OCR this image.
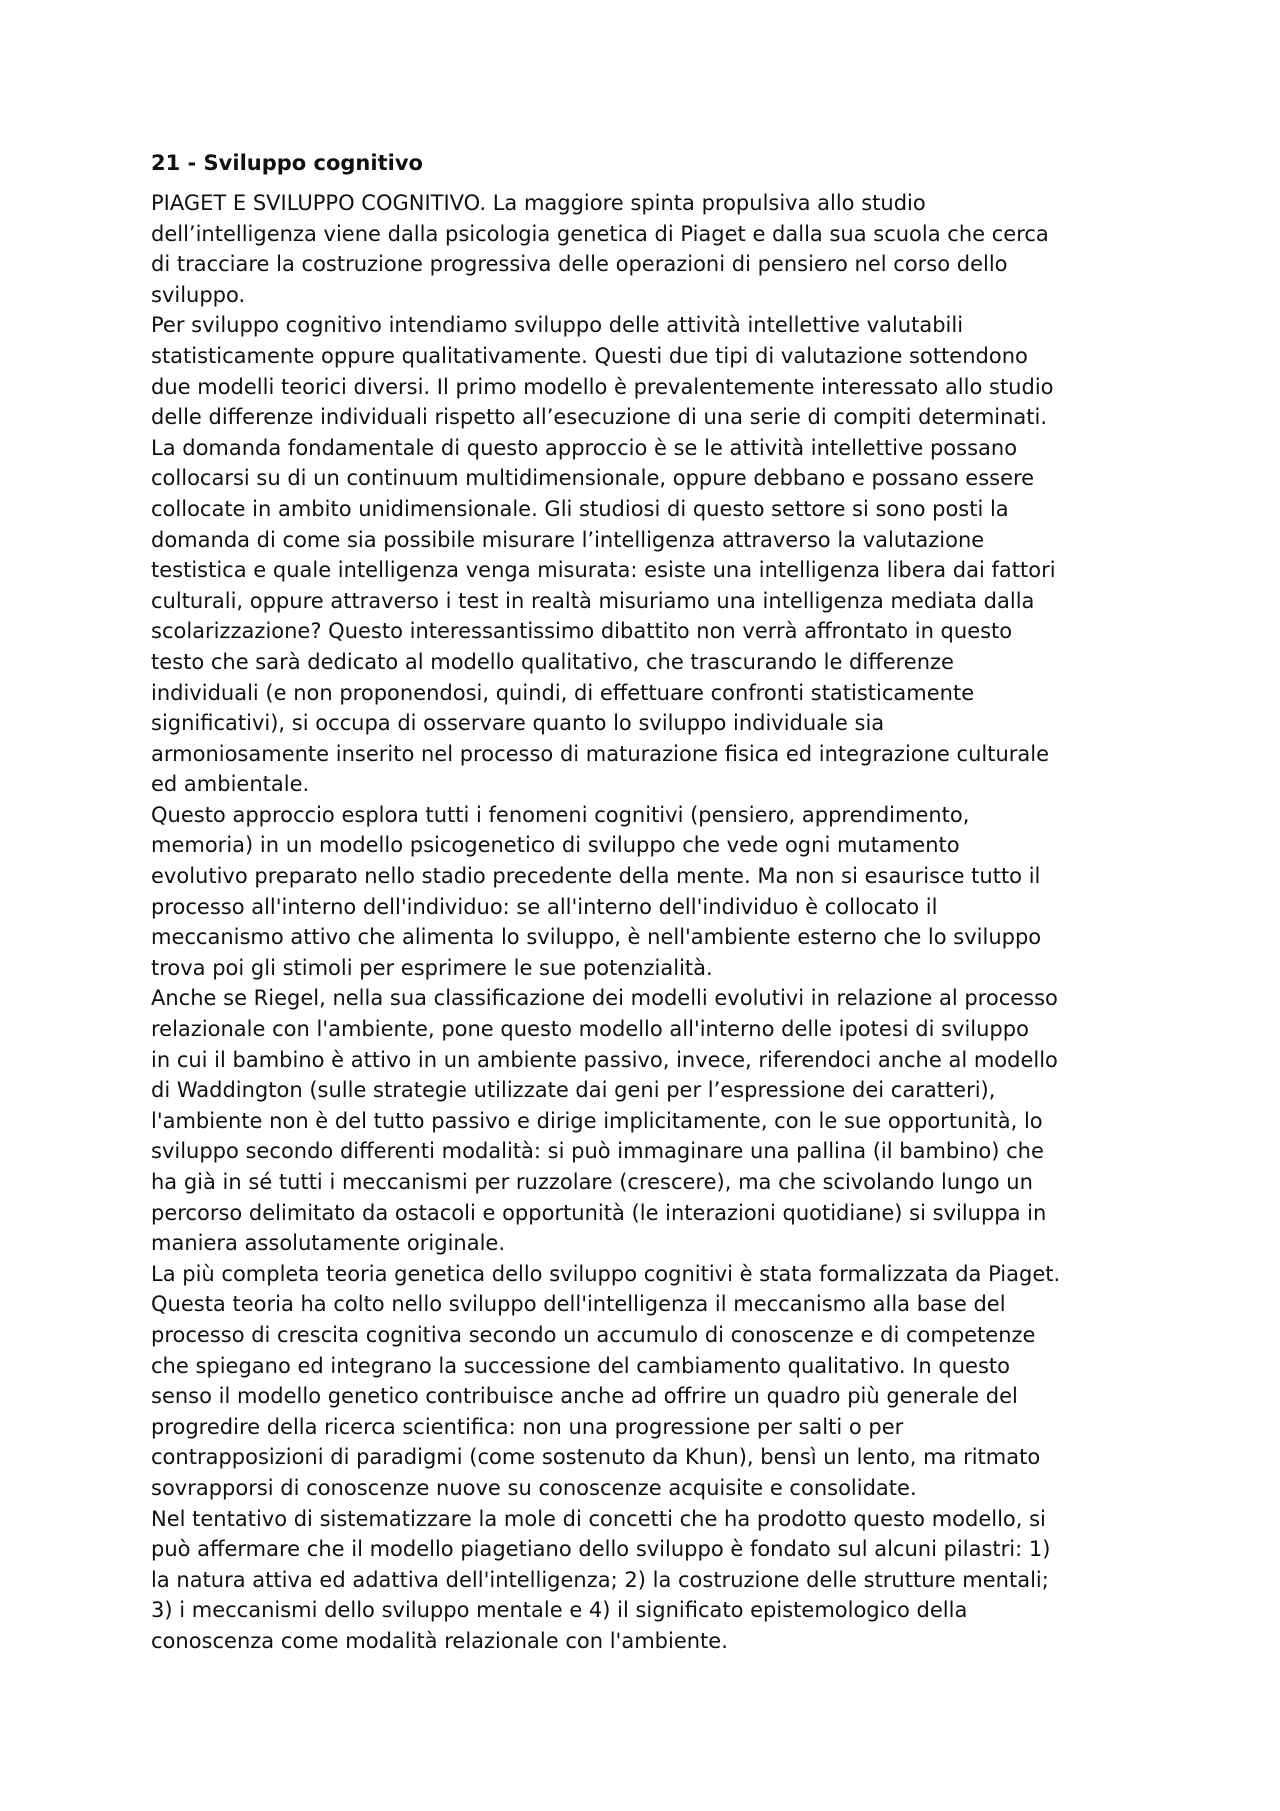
21 - Sviluppo cognitivo

PIAGET E SVILUPPO COGNITIVO. La maggiore spinta propulsiva allo studio
dell’intelligenza viene dalla psicologia genetica di Piaget e dalla sua scuola che cerca
di tracciare la costruzione progressiva delle operazioni di pensiero nel corso dello
sviluppo.

Per sviluppo cognitivo intendiamo sviluppo delle attività intellettive valutabili
statisticamente oppure qualitativamente. Questi due tipi di valutazione sottendono
due modelli teorici diversi. Il primo modello è prevalentemente interessato allo studio
delle differenze individuali rispetto all’esecuzione di una serie di compiti determinati.
La domanda fondamentale di questo approccio è se le attività intellettive possano
collocarsi su di un continuum multidimensionale, oppure debbano e possano essere
collocate in ambito unidimensionale. Gli studiosi di questo settore si sono posti la
domanda di come sia possibile misurare l’intelligenza attraverso la valutazione
testistica e quale intelligenza venga misurata: esiste una intelligenza libera dai fattori
culturali, oppure attraverso i test in realtà misuriamo una intelligenza mediata dalla
scolarizzazione? Questo interessantissimo dibattito non verrà affrontato in questo
testo che sarà dedicato al modello qualitativo, che trascurando le differenze
individuali (e non proponendosi, quindi, di effettuare confronti statisticamente
significativi), si occupa di osservare quanto lo sviluppo individuale sia
armoniosamente inserito nel processo di maturazione fisica ed integrazione culturale
ed ambientale.

Questo approccio esplora tutti i fenomeni cognitivi (pensiero, apprendimento,
memoria) in un modello psicogenetico di sviluppo che vede ogni mutamento
evolutivo preparato nello stadio precedente della mente. Ma non si esaurisce tutto il
processo all'interno dell'individuo: se all'interno dell'individuo è collocato il
meccanismo attivo che alimenta lo sviluppo, è nell'ambiente esterno che lo sviluppo
trova poi gli stimoli per esprimere le sue potenzialità.

Anche se Riegel, nella sua classificazione dei modelli evolutivi in relazione al processo
relazionale con l'ambiente, pone questo modello all'interno delle ipotesi di sviluppo
in cui il bambino è attivo in un ambiente passivo, invece, riferendoci anche al modello
di Waddington (sulle strategie utilizzate dai geni per l’espressione dei caratteri),
l'ambiente non è del tutto passivo e dirige implicitamente, con le sue opportunità, lo
sviluppo secondo differenti modalità: si può immaginare una pallina (il bambino) che
ha già in sé tutti i meccanismi per ruzzolare (crescere), ma che scivolando lungo un
percorso delimitato da ostacoli e opportunità (le interazioni quotidiane) si sviluppa in
maniera assolutamente originale.

La più completa teoria genetica dello sviluppo cognitivi è stata formalizzata da Piaget.
Questa teoria ha colto nello sviluppo dell'intelligenza il meccanismo alla base del
processo di crescita cognitiva secondo un accumulo di conoscenze e di competenze
che spiegano ed integrano la successione del cambiamento qualitativo. In questo
senso il modello genetico contribuisce anche ad offrire un quadro più generale del
progredire della ricerca scientifica: non una progressione per salti o per
contrapposizioni di paradigmi (come sostenuto da Khun), bensì un lento, ma ritmato
sovrapporsi di conoscenze nuove su conoscenze acquisite e consolidate.

Nel tentativo di sistematizzare la mole di concetti che ha prodotto questo modello, si
può affermare che il modello piagetiano dello sviluppo è fondato sul alcuni pilastri: 1)
la natura attiva ed adattiva dell'intelligenza; 2) la costruzione delle strutture mentali;
3) i meccanismi dello sviluppo mentale e 4) il significato epistemologico della
conoscenza come modalità relazionale con l'ambiente.
